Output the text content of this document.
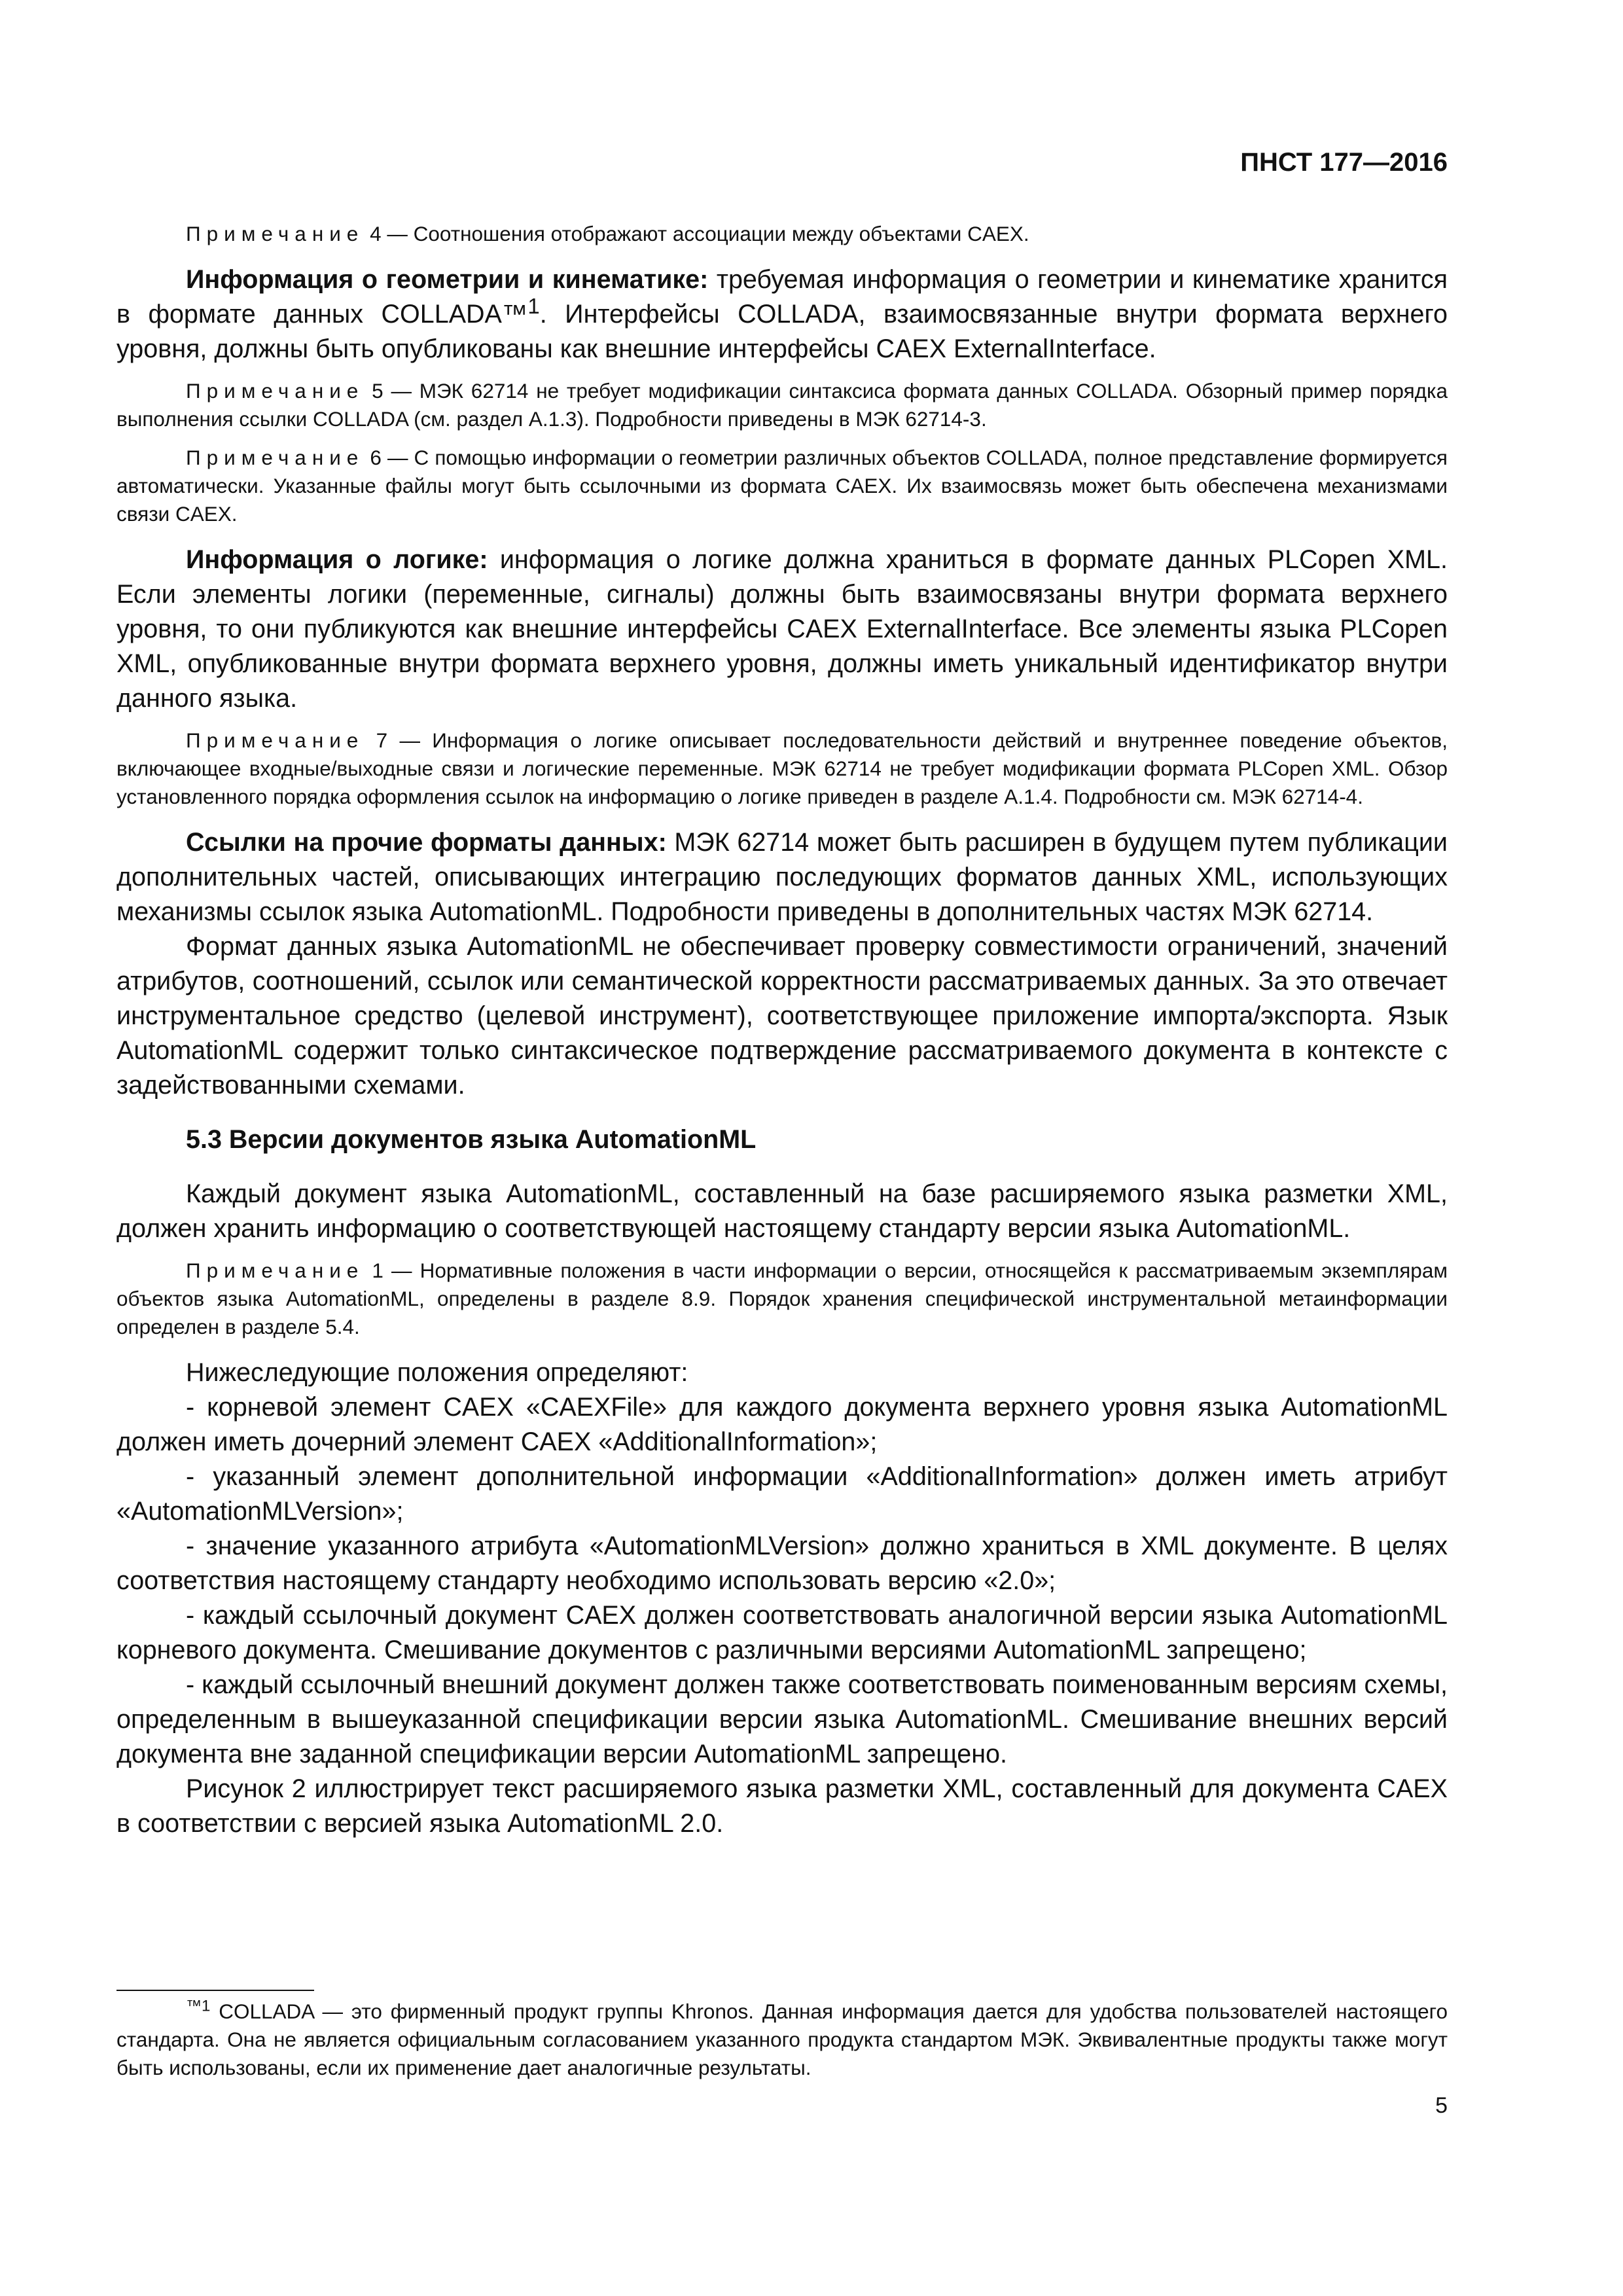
ПНСТ 177—2016

Примечание 4 — Соотношения отображают ассоциации между объектами CAEX.

Информация о геометрии и кинематике: требуемая информация о геометрии и кинематике хранится в формате данных COLLADA™$^1$. Интерфейсы COLLADA, взаимосвязанные внутри формата верхнего уровня, должны быть опубликованы как внешние интерфейсы CAEX ExternalInterface.

Примечание 5 — МЭК 62714 не требует модификации синтаксиса формата данных COLLADA. Обзорный пример порядка выполнения ссылки COLLADA (см. раздел А.1.3). Подробности приведены в МЭК 62714-3.

Примечание 6 — С помощью информации о геометрии различных объектов COLLADA, полное представление формируется автоматически. Указанные файлы могут быть ссылочными из формата CAEX. Их взаимосвязь может быть обеспечена механизмами связи CAEX.

Информация о логике: информация о логике должна храниться в формате данных PLCopen XML. Если элементы логики (переменные, сигналы) должны быть взаимосвязаны внутри формата верхнего уровня, то они публикуются как внешние интерфейсы CAEX ExternalInterface. Все элементы языка PLCopen XML, опубликованные внутри формата верхнего уровня, должны иметь уникальный идентификатор внутри данного языка.

Примечание 7 — Информация о логике описывает последовательности действий и внутреннее поведение объектов, включающее входные/выходные связи и логические переменные. МЭК 62714 не требует модификации формата PLCopen XML. Обзор установленного порядка оформления ссылок на информацию о логике приведен в разделе А.1.4. Подробности см. МЭК 62714-4.

Ссылки на прочие форматы данных: МЭК 62714 может быть расширен в будущем путем публикации дополнительных частей, описывающих интеграцию последующих форматов данных XML, использующих механизмы ссылок языка AutomationML. Подробности приведены в дополнительных частях МЭК 62714.

Формат данных языка AutomationML не обеспечивает проверку совместимости ограничений, значений атрибутов, соотношений, ссылок или семантической корректности рассматриваемых данных. За это отвечает инструментальное средство (целевой инструмент), соответствующее приложение импорта/экспорта. Язык AutomationML содержит только синтаксическое подтверждение рассматриваемого документа в контексте с задействованными схемами.

5.3 Версии документов языка AutomationML

Каждый документ языка AutomationML, составленный на базе расширяемого языка разметки XML, должен хранить информацию о соответствующей настоящему стандарту версии языка AutomationML.

Примечание 1 — Нормативные положения в части информации о версии, относящейся к рассматриваемым экземплярам объектов языка AutomationML, определены в разделе 8.9. Порядок хранения специфической инструментальной метаинформации определен в разделе 5.4.

Нижеследующие положения определяют:

- корневой элемент CAEX «CAEXFile» для каждого документа верхнего уровня языка AutomationML должен иметь дочерний элемент CAEX «AdditionalInformation»;

- указанный элемент дополнительной информации «AdditionalInformation» должен иметь атрибут «AutomationMLVersion»;

- значение указанного атрибута «AutomationMLVersion» должно храниться в XML документе. В целях соответствия настоящему стандарту необходимо использовать версию «2.0»;

- каждый ссылочный документ CAEX должен соответствовать аналогичной версии языка AutomationML корневого документа. Смешивание документов с различными версиями AutomationML запрещено;

- каждый ссылочный внешний документ должен также соответствовать поименованным версиям схемы, определенным в вышеуказанной спецификации версии языка AutomationML. Смешивание внешних версий документа вне заданной спецификации версии AutomationML запрещено.

Рисунок 2 иллюстрирует текст расширяемого языка разметки XML, составленный для документа CAEX в соответствии с версией языка AutomationML 2.0.

$^{™1}$ COLLADA — это фирменный продукт группы Khronos. Данная информация дается для удобства пользователей настоящего стандарта. Она не является официальным согласованием указанного продукта стандартом МЭК. Эквивалентные продукты также могут быть использованы, если их применение дает аналогичные результаты.

5
